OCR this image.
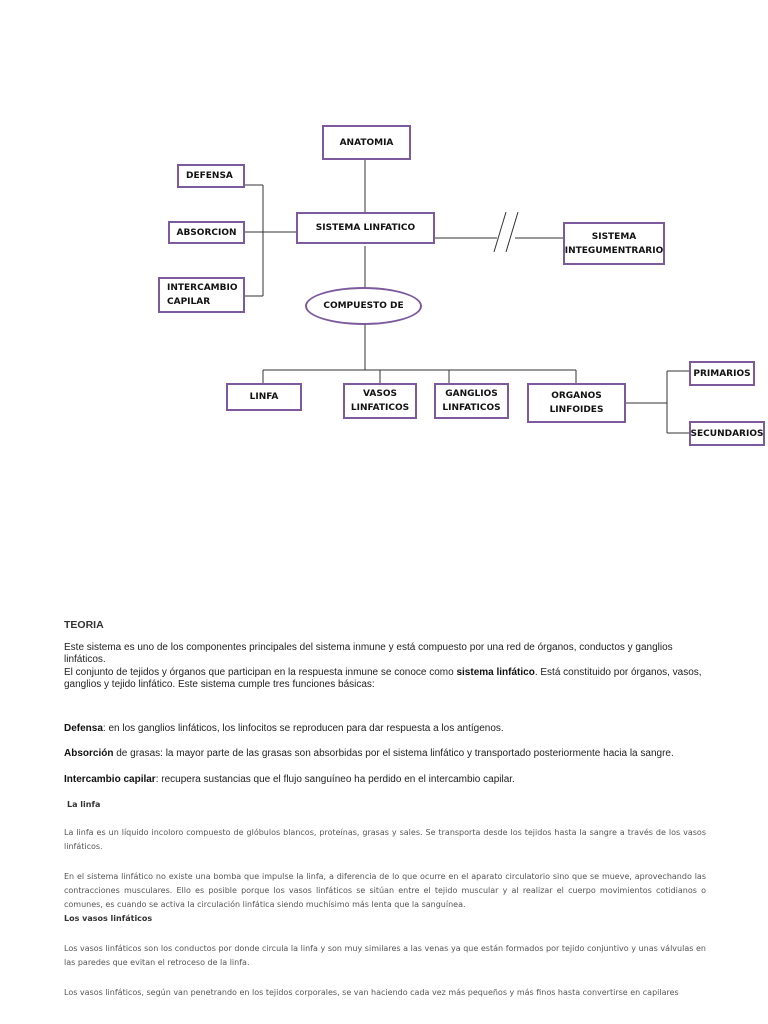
ANATOMIA
DEFENSA
ABSORCION
INTERCAMBIO
CAPILAR
SISTEMA LINFATICO
SISTEMA
INTEGUMENTRARIO
COMPUESTO DE
LINFA	VASOS
LINFATICOS
GANGLIOS
LINFATICOS
ORGANOS
LINFOIDES
PRIMARIOS
SECUNDARIOS
TEORIA
Este sistema es uno de los componentes principales del sistema inmune y está compuesto por una red de órganos, conductos y ganglios linfáticos.
El conjunto de tejidos y órganos que participan en la respuesta inmune se conoce como sistema linfático. Está constituido por órganos, vasos, ganglios y tejido linfático. Este sistema cumple tres funciones básicas:
Defensa: en los ganglios linfáticos, los linfocitos se reproducen para dar respuesta a los antígenos.
Absorción de grasas: la mayor parte de las grasas son absorbidas por el sistema linfático y transportado posteriormente hacia la sangre.
Intercambio capilar: recupera sustancias que el flujo sanguíneo ha perdido en el intercambio capilar.
La linfa
La linfa es un líquido incoloro compuesto de glóbulos blancos, proteínas, grasas y sales. Se transporta desde los tejidos hasta la sangre a través de los vasos linfáticos.
En el sistema linfático no existe una bomba que impulse la linfa, a diferencia de lo que ocurre en el aparato circulatorio sino que se mueve, aprovechando las contracciones musculares. Ello es posible porque los vasos linfáticos se sitúan entre el tejido muscular y al realizar el cuerpo movimientos cotidianos o comunes, es cuando se activa la circulación linfática siendo muchísimo más lenta que la sanguínea.
Los vasos linfáticos
Los vasos linfáticos son los conductos por donde circula la linfa y son muy similares a las venas ya que están formados por tejido conjuntivo y unas válvulas en las paredes que evitan el retroceso de la linfa.
Los vasos linfáticos, según van penetrando en los tejidos corporales, se van haciendo cada vez más pequeños y más finos hasta convertirse en capilares
